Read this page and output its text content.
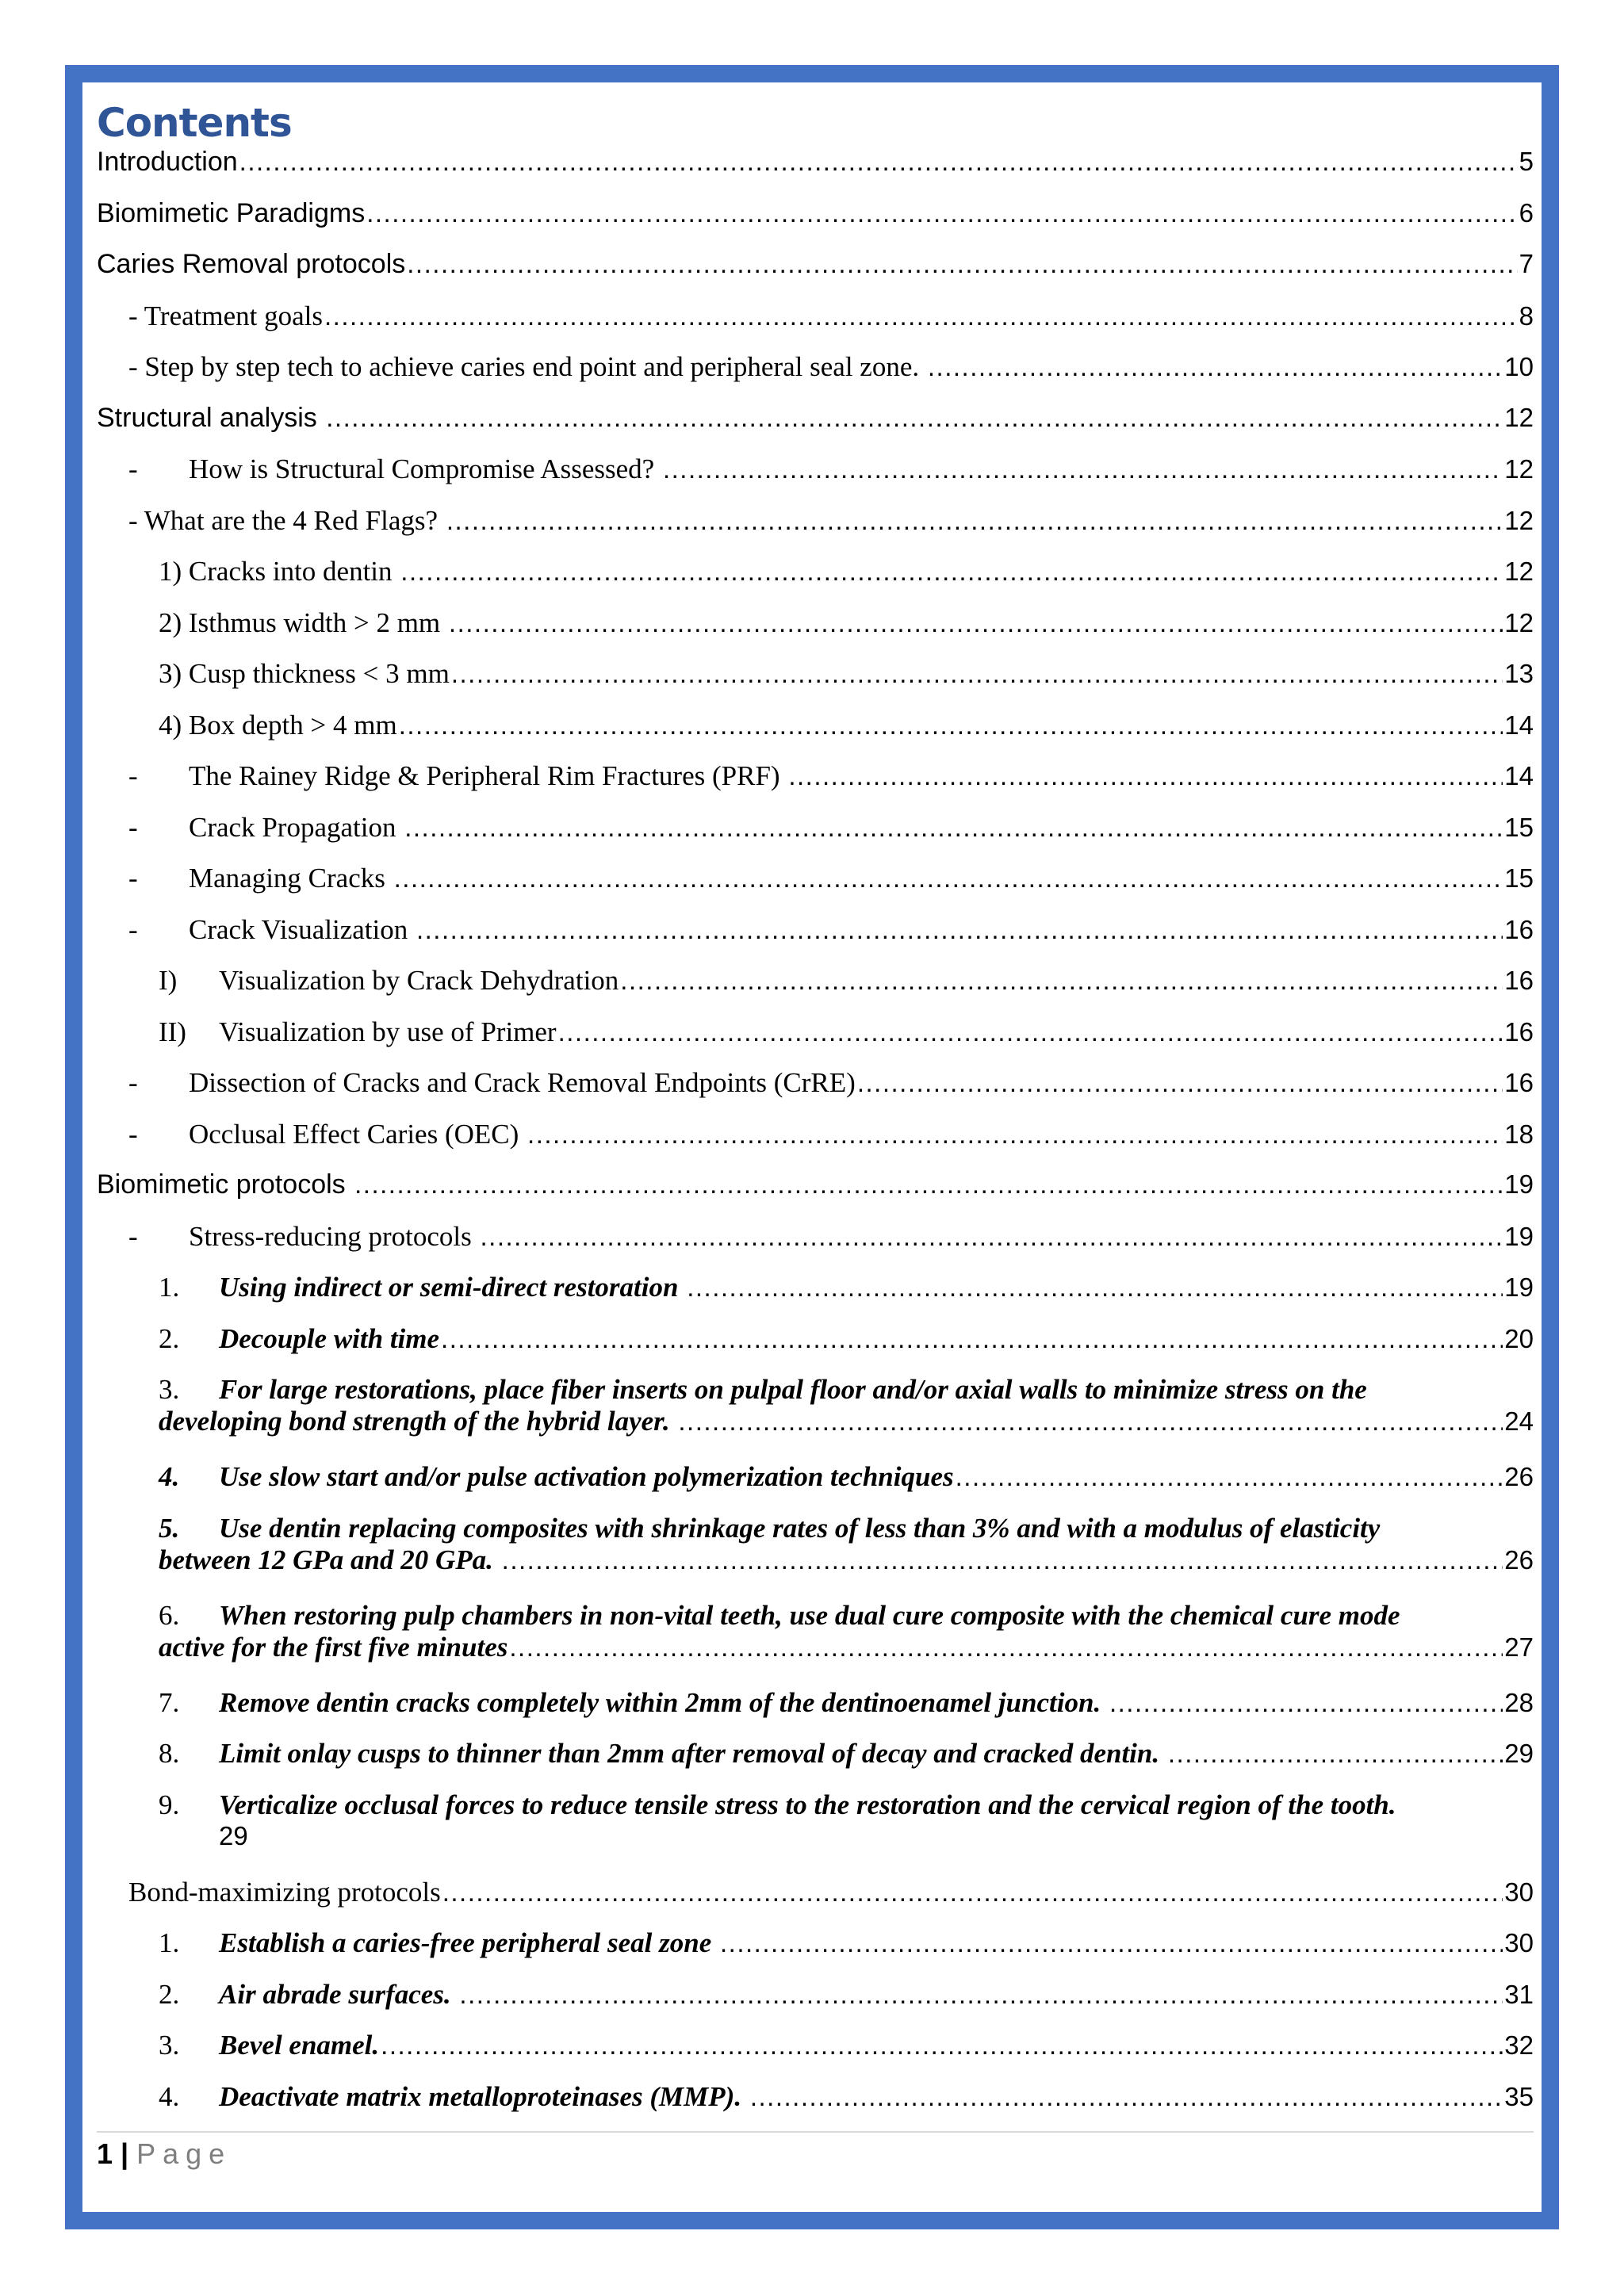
Contents
Introduction .....	5
Biomimetic Paradigms .....	6
Caries Removal protocols .....	7
- Treatment goals .....	8
- Step by step tech to achieve caries end point and peripheral seal zone. .....	10
Structural analysis .....	12
-	How is Structural Compromise Assessed? .....	12
- What are the 4 Red Flags? .....	12
1) Cracks into dentin .....	12
2) Isthmus width > 2 mm .....	12
3) Cusp thickness < 3 mm .....	13
4) Box depth > 4 mm .....	14
-	The Rainey Ridge & Peripheral Rim Fractures (PRF) .....	14
-	Crack Propagation .....	15
-	Managing Cracks .....	15
-	Crack Visualization .....	16
I)	Visualization by Crack Dehydration .....	16
II)	Visualization by use of Primer .....	16
-	Dissection of Cracks and Crack Removal Endpoints (CrRE) .....	16
-	Occlusal Effect Caries (OEC) .....	18
Biomimetic protocols .....	19
-	Stress-reducing protocols .....	19
1.	Using indirect or semi-direct restoration .....	19
2.	Decouple with time .....	20
3. For large restorations, place fiber inserts on pulpal floor and/or axial walls to minimize stress on the
developing bond strength of the hybrid layer. .....	24
4.	Use slow start and/or pulse activation polymerization techniques .....	26
5. Use dentin replacing composites with shrinkage rates of less than 3% and with a modulus of elasticity
between 12 GPa and 20 GPa. .....	26
6. When restoring pulp chambers in non-vital teeth, use dual cure composite with the chemical cure mode
active for the first five minutes .....	27
7.	Remove dentin cracks completely within 2mm of the dentinoenamel junction. .....	28
8.	Limit onlay cusps to thinner than 2mm after removal of decay and cracked dentin. .....	29
9. Verticalize occlusal forces to reduce tensile stress to the restoration and the cervical region of the tooth.
29
Bond-maximizing protocols .....	30
1.	Establish a caries-free peripheral seal zone .....	30
2.	Air abrade surfaces. .....	31
3.	Bevel enamel. .....	32
4.	Deactivate matrix metalloproteinases (MMP). .....	35
1 | Page
